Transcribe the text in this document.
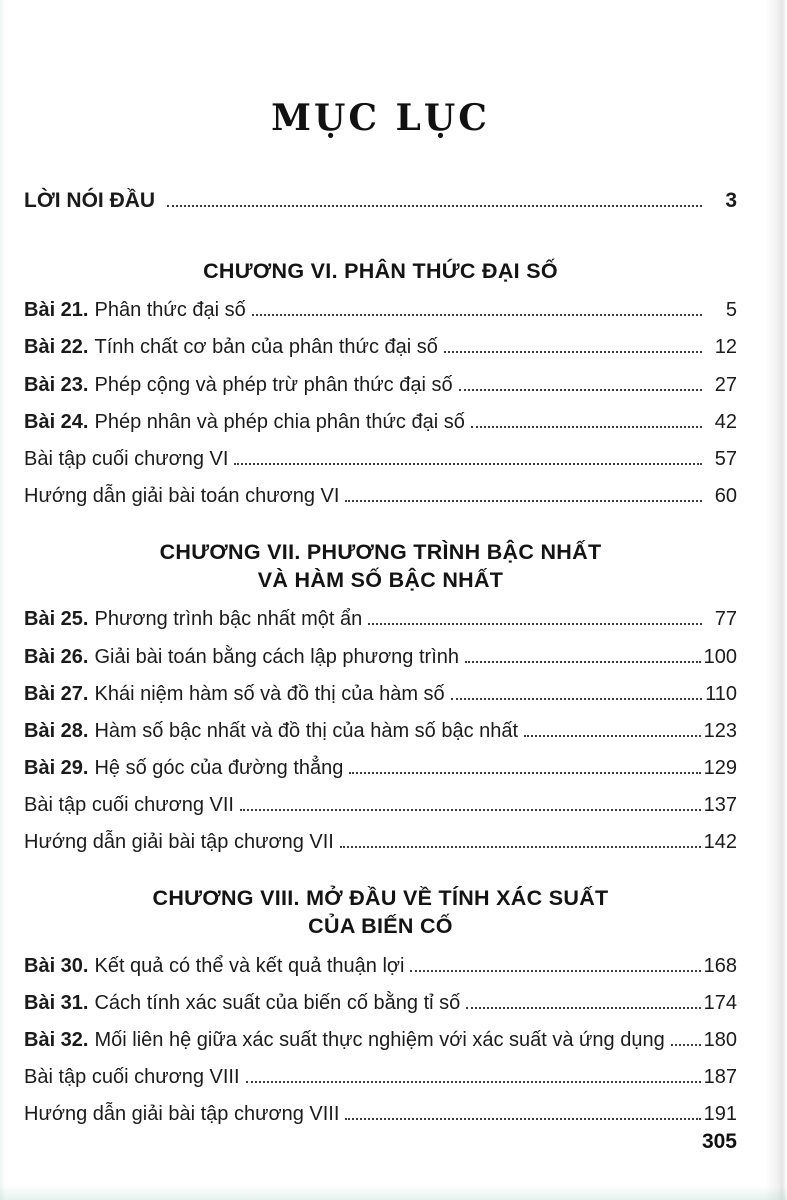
MỤC LỤC
LỜI NÓI ĐẦU	3
CHƯƠNG VI. PHÂN THỨC ĐẠI SỐ
Bài 21. Phân thức đại số	5
Bài 22. Tính chất cơ bản của phân thức đại số	12
Bài 23. Phép cộng và phép trừ phân thức đại số	27
Bài 24. Phép nhân và phép chia phân thức đại số	42
Bài tập cuối chương VI	57
Hướng dẫn giải bài toán chương VI	60
CHƯƠNG VII. PHƯƠNG TRÌNH BẬC NHẤT
VÀ HÀM SỐ BẬC NHẤT
Bài 25. Phương trình bậc nhất một ẩn	77
Bài 26. Giải bài toán bằng cách lập phương trình	100
Bài 27. Khái niệm hàm số và đồ thị của hàm số	110
Bài 28. Hàm số bậc nhất và đồ thị của hàm số bậc nhất	123
Bài 29. Hệ số góc của đường thẳng	129
Bài tập cuối chương VII	137
Hướng dẫn giải bài tập chương VII	142
CHƯƠNG VIII. MỞ ĐẦU VỀ TÍNH XÁC SUẤT
CỦA BIẾN CỐ
Bài 30. Kết quả có thể và kết quả thuận lợi	168
Bài 31. Cách tính xác suất của biến cố bằng tỉ số	174
Bài 32. Mối liên hệ giữa xác suất thực nghiệm với xác suất và ứng dụng 180
Bài tập cuối chương VIII	187
Hướng dẫn giải bài tập chương VIII	191
305
